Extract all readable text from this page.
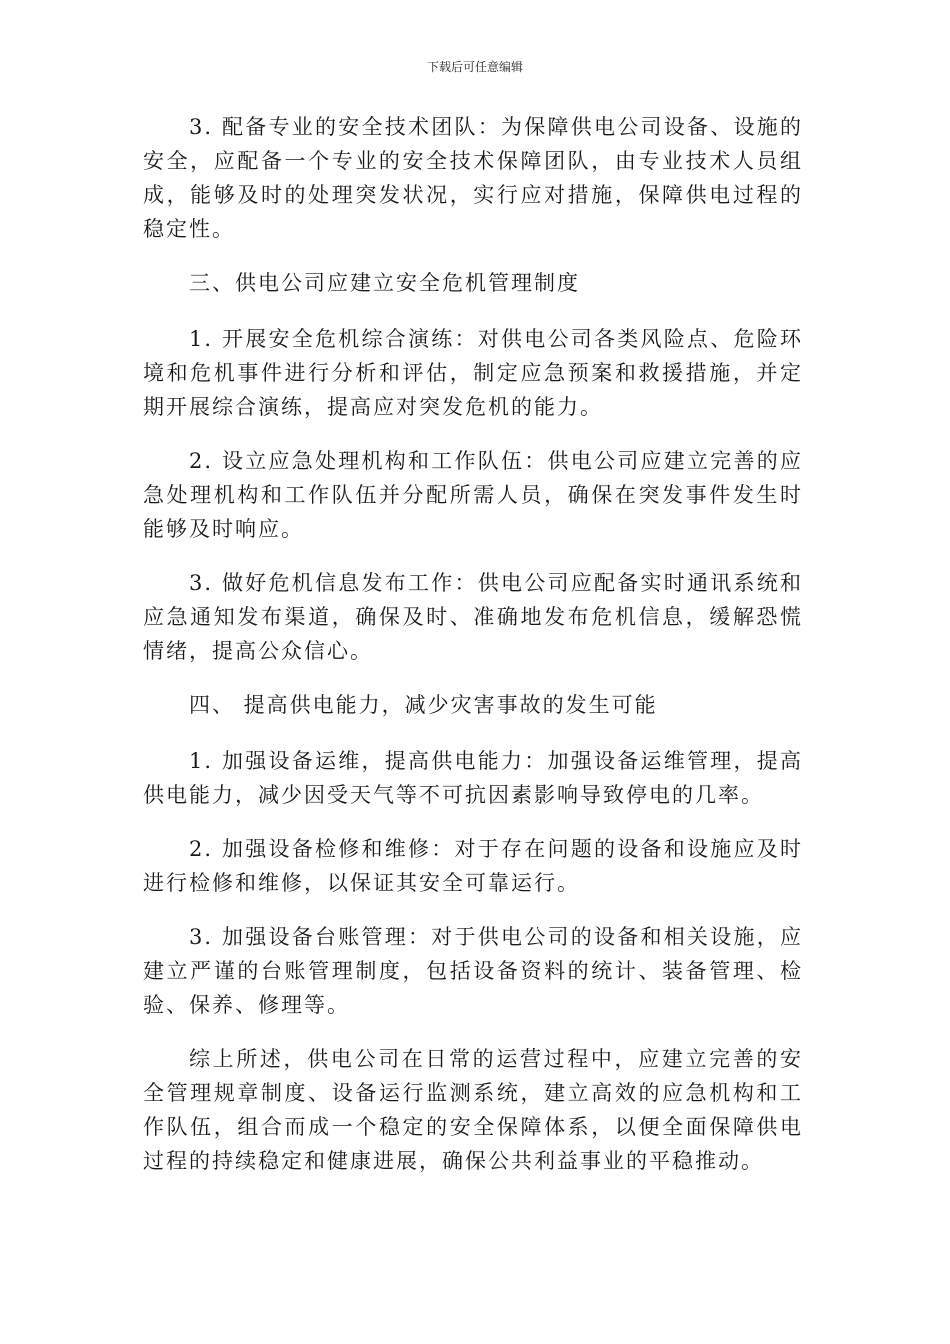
下载后可任意编辑

3. 配备专业的安全技术团队：为保障供电公司设备、设施的安全，应配备一个专业的安全技术保障团队，由专业技术人员组成，能够及时的处理突发状况，实行应对措施，保障供电过程的稳定性。

三、供电公司应建立安全危机管理制度

1. 开展安全危机综合演练：对供电公司各类风险点、危险环境和危机事件进行分析和评估，制定应急预案和救援措施，并定期开展综合演练，提高应对突发危机的能力。

2. 设立应急处理机构和工作队伍：供电公司应建立完善的应急处理机构和工作队伍并分配所需人员，确保在突发事件发生时能够及时响应。

3. 做好危机信息发布工作：供电公司应配备实时通讯系统和应急通知发布渠道，确保及时、准确地发布危机信息，缓解恐慌情绪，提高公众信心。

四、 提高供电能力，减少灾害事故的发生可能

1. 加强设备运维，提高供电能力：加强设备运维管理，提高供电能力，减少因受天气等不可抗因素影响导致停电的几率。

2. 加强设备检修和维修：对于存在问题的设备和设施应及时进行检修和维修，以保证其安全可靠运行。

3. 加强设备台账管理：对于供电公司的设备和相关设施，应建立严谨的台账管理制度，包括设备资料的统计、装备管理、检验、保养、修理等。

综上所述，供电公司在日常的运营过程中，应建立完善的安全管理规章制度、设备运行监测系统，建立高效的应急机构和工作队伍，组合而成一个稳定的安全保障体系，以便全面保障供电过程的持续稳定和健康进展，确保公共利益事业的平稳推动。
